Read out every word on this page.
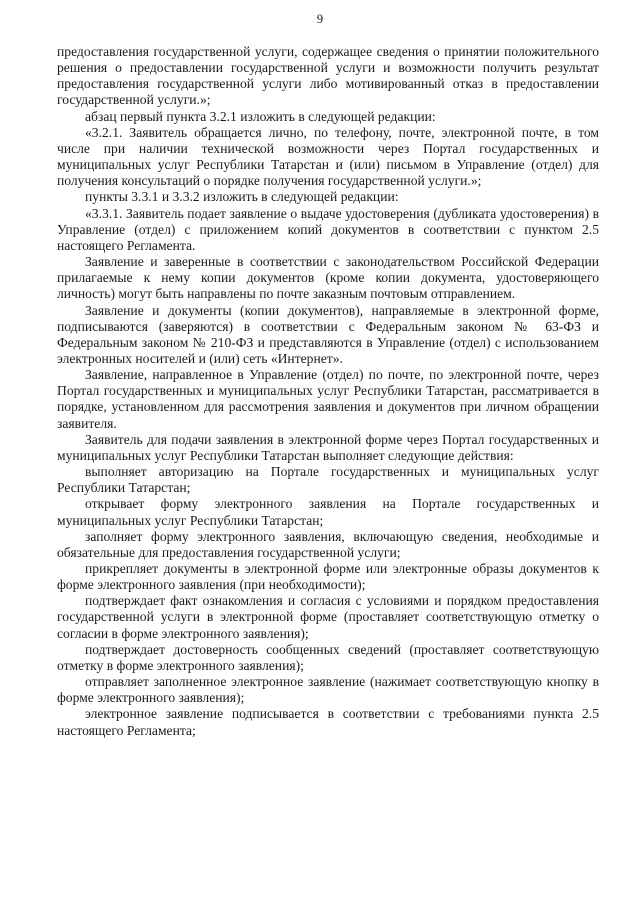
9

предоставления государственной услуги, содержащее сведения о принятии положительного решения о предоставлении государственной услуги и возможности получить результат предоставления государственной услуги либо мотивированный отказ в предоставлении государственной услуги.»;

абзац первый пункта 3.2.1 изложить в следующей редакции:

«3.2.1. Заявитель обращается лично, по телефону, почте, электронной почте, в том числе при наличии технической возможности через Портал государственных и муниципальных услуг Республики Татарстан и (или) письмом в Управление (отдел) для получения консультаций о порядке получения государственной услуги.»;

пункты 3.3.1 и 3.3.2 изложить в следующей редакции:

«3.3.1. Заявитель подает заявление о выдаче удостоверения (дубликата удостоверения) в Управление (отдел) с приложением копий документов в соответствии с пунктом 2.5 настоящего Регламента.

Заявление и заверенные в соответствии с законодательством Российской Федерации прилагаемые к нему копии документов (кроме копии документа, удостоверяющего личность) могут быть направлены по почте заказным почтовым отправлением.

Заявление и документы (копии документов), направляемые в электронной форме, подписываются (заверяются) в соответствии с Федеральным законом № 63-ФЗ и Федеральным законом № 210-ФЗ и представляются в Управление (отдел) с использованием электронных носителей и (или) сеть «Интернет».

Заявление, направленное в Управление (отдел) по почте, по электронной почте, через Портал государственных и муниципальных услуг Республики Татарстан, рассматривается в порядке, установленном для рассмотрения заявления и документов при личном обращении заявителя.

Заявитель для подачи заявления в электронной форме через Портал государственных и муниципальных услуг Республики Татарстан выполняет следующие действия:

выполняет авторизацию на Портале государственных и муниципальных услуг Республики Татарстан;

открывает форму электронного заявления на Портале государственных и муниципальных услуг Республики Татарстан;

заполняет форму электронного заявления, включающую сведения, необходимые и обязательные для предоставления государственной услуги;

прикрепляет документы в электронной форме или электронные образы документов к форме электронного заявления (при необходимости);

подтверждает факт ознакомления и согласия с условиями и порядком предоставления государственной услуги в электронной форме (проставляет соответствующую отметку о согласии в форме электронного заявления);

подтверждает достоверность сообщенных сведений (проставляет соответствующую отметку в форме электронного заявления);

отправляет заполненное электронное заявление (нажимает соответствующую кнопку в форме электронного заявления);

электронное заявление подписывается в соответствии с требованиями пункта 2.5 настоящего Регламента;
